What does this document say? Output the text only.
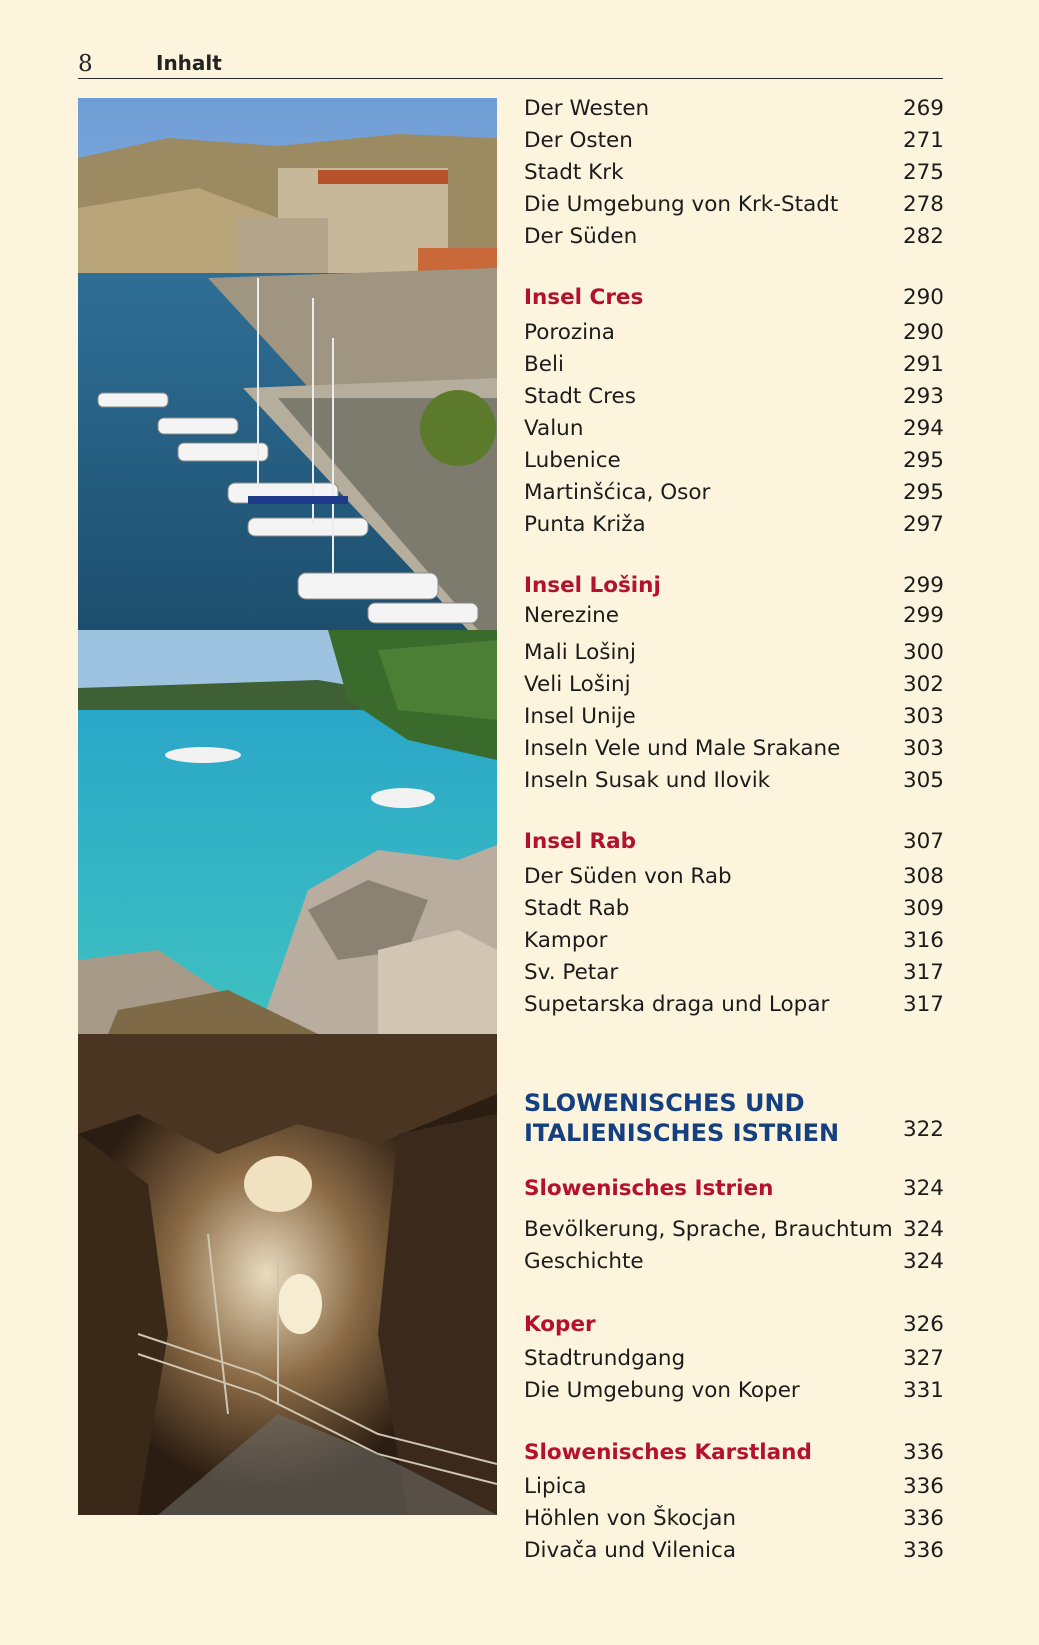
8	Inhalt
Der Westen	269
Der Osten	271
Stadt Krk	275
Die Umgebung von Krk-Stadt	278
Der Süden	282
Insel Cres	290
Porozina	290
Beli	291
Stadt Cres	293
Valun	294
Lubenice	295
Martinšćica, Osor	295
Punta Križa	297
Insel Lošinj	299
Nerezine	299
Mali Lošinj	300
Veli Lošinj	302
Insel Unije	303
Inseln Vele und Male Srakane	303
Inseln Susak und Ilovik	305
Insel Rab	307
Der Süden von Rab	308
Stadt Rab	309
Kampor	316
Sv. Petar	317
Supetarska draga und Lopar	317
SLOWENISCHES UND
ITALIENISCHES ISTRIEN	322
Slowenisches Istrien	324
Bevölkerung, Sprache, Brauchtum 324
Geschichte	324
Koper	326
Stadtrundgang	327
Die Umgebung von Koper	331
Slowenisches Karstland	336
Lipica	336
Höhlen von Škocjan	336
Divača und Vilenica	336
